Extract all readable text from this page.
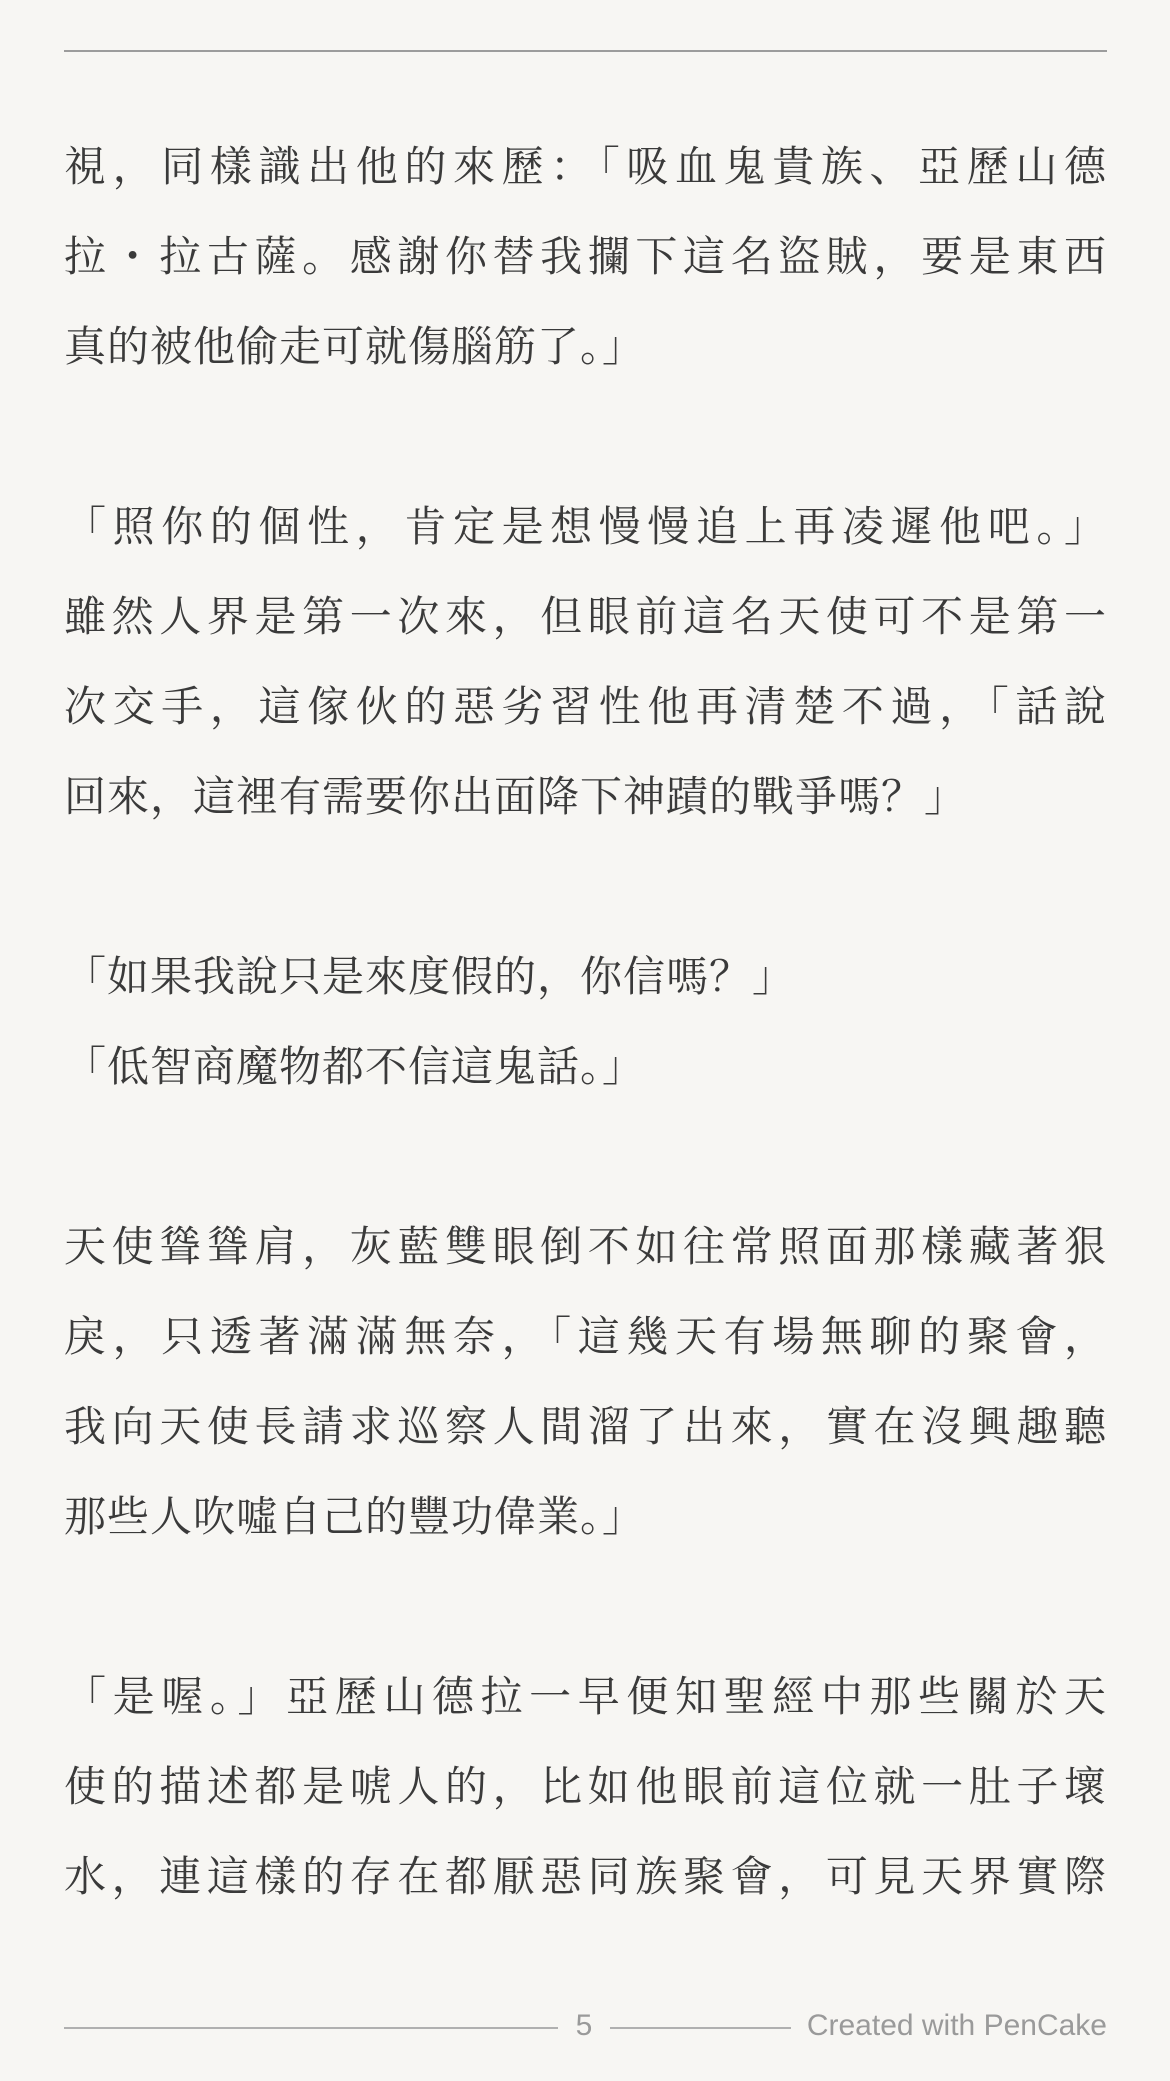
視，同樣識出他的來歷：「吸血鬼貴族、亞歷山德
拉・拉古薩。感謝你替我攔下這名盜賊，要是東西
真的被他偷走可就傷腦筋了。」
「照你的個性，肯定是想慢慢追上再凌遲他吧。」
雖然人界是第一次來，但眼前這名天使可不是第一
次交手，這傢伙的惡劣習性他再清楚不過，「話說
回來，這裡有需要你出面降下神蹟的戰爭嗎？」
「如果我說只是來度假的，你信嗎？」
「低智商魔物都不信這鬼話。」
天使聳聳肩，灰藍雙眼倒不如往常照面那樣藏著狠
戾，只透著滿滿無奈，「這幾天有場無聊的聚會，
我向天使長請求巡察人間溜了出來，實在沒興趣聽
那些人吹噓自己的豐功偉業。」
「是喔。」亞歷山德拉一早便知聖經中那些關於天
使的描述都是唬人的，比如他眼前這位就一肚子壞
水，連這樣的存在都厭惡同族聚會，可見天界實際
5	Created with PenCake
